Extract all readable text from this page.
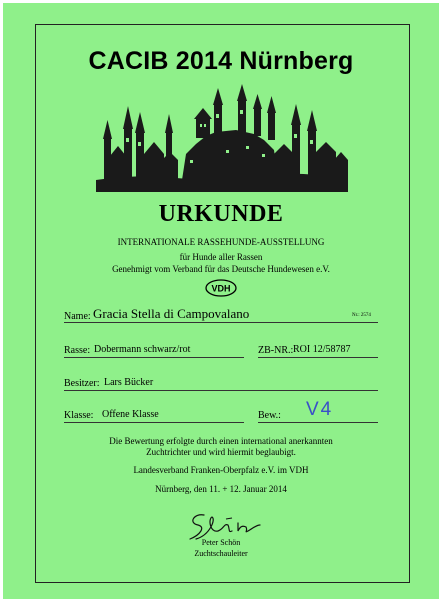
CACIB 2014 Nürnberg
URKUNDE
INTERNATIONALE RASSEHUNDE-AUSSTELLUNG
für Hunde aller Rassen
Genehmigt vom Verband für das Deutsche Hundewesen e.V.
VDH
Name: Gracia Stella di Campovalano	Nr.: 2574
Rasse: Dobermann schwarz/rot	ZB-NR.: ROI 12/58787
Besitzer: Lars Bücker
Klasse: Offene Klasse	Bew.: V4
Die Bewertung erfolgte durch einen international anerkannten
Zuchtrichter und wird hiermit beglaubigt.
Landesverband Franken-Oberpfalz e.V. im VDH
Nürnberg, den 11. + 12. Januar 2014
Peter Schön
Zuchtschauleiter
